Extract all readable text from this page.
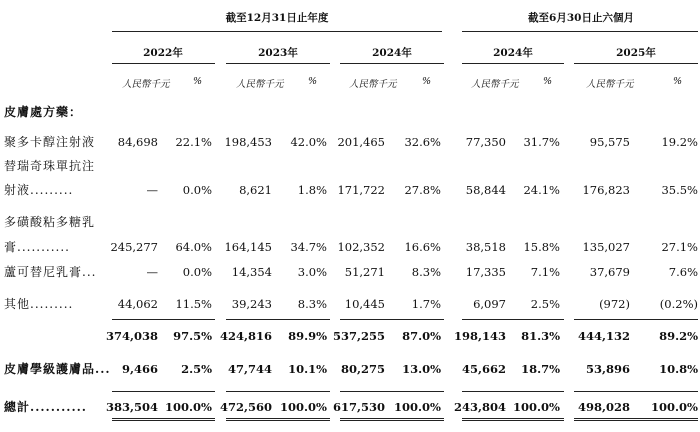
截至12月31日止年度	截至6月30日止六個月
2022年	2023年	2024年	2024年	2025年
人民幣千元 %	人民幣千元	%	人民幣千元	%	人民幣千元	%	人民幣千元	%
皮膚處方藥：
聚多卡醇注射液	84,698	22.1%	198,453	42.0% 201,465	32.6%	77,350	31.7%	95,575	19.2%
替瑞奇珠單抗注
射液.........	—	0.0%	8,621	1.8% 171,722	27.8%	58,844	24.1%	176,823	35.5%
多磺酸粘多糖乳
膏...........	245,277	64.0%	164,145	34.7% 102,352	16.6%	38,518	15.8%	135,027	27.1%
蘆可替尼乳膏...	—	0.0%	14,354	3.0%	51,271	8.3%	17,335	7.1%	37,679	7.6%
其他.........	44,062	11.5%	39,243	8.3%	10,445	1.7%	6,097	2.5%	(972)	(0.2%)
374,038	97.5% 424,816	89.9% 537,255	87.0%	198,143	81.3%	444,132	89.2%
皮膚學級護膚品... 9,466	2.5%	47,744	10.1%	80,275	13.0%	45,662	18.7%	53,896	10.8%
總計...........	383,504 100.0% 472,560 100.0% 617,530 100.0%	243,804 100.0%	498,028	100.0%
